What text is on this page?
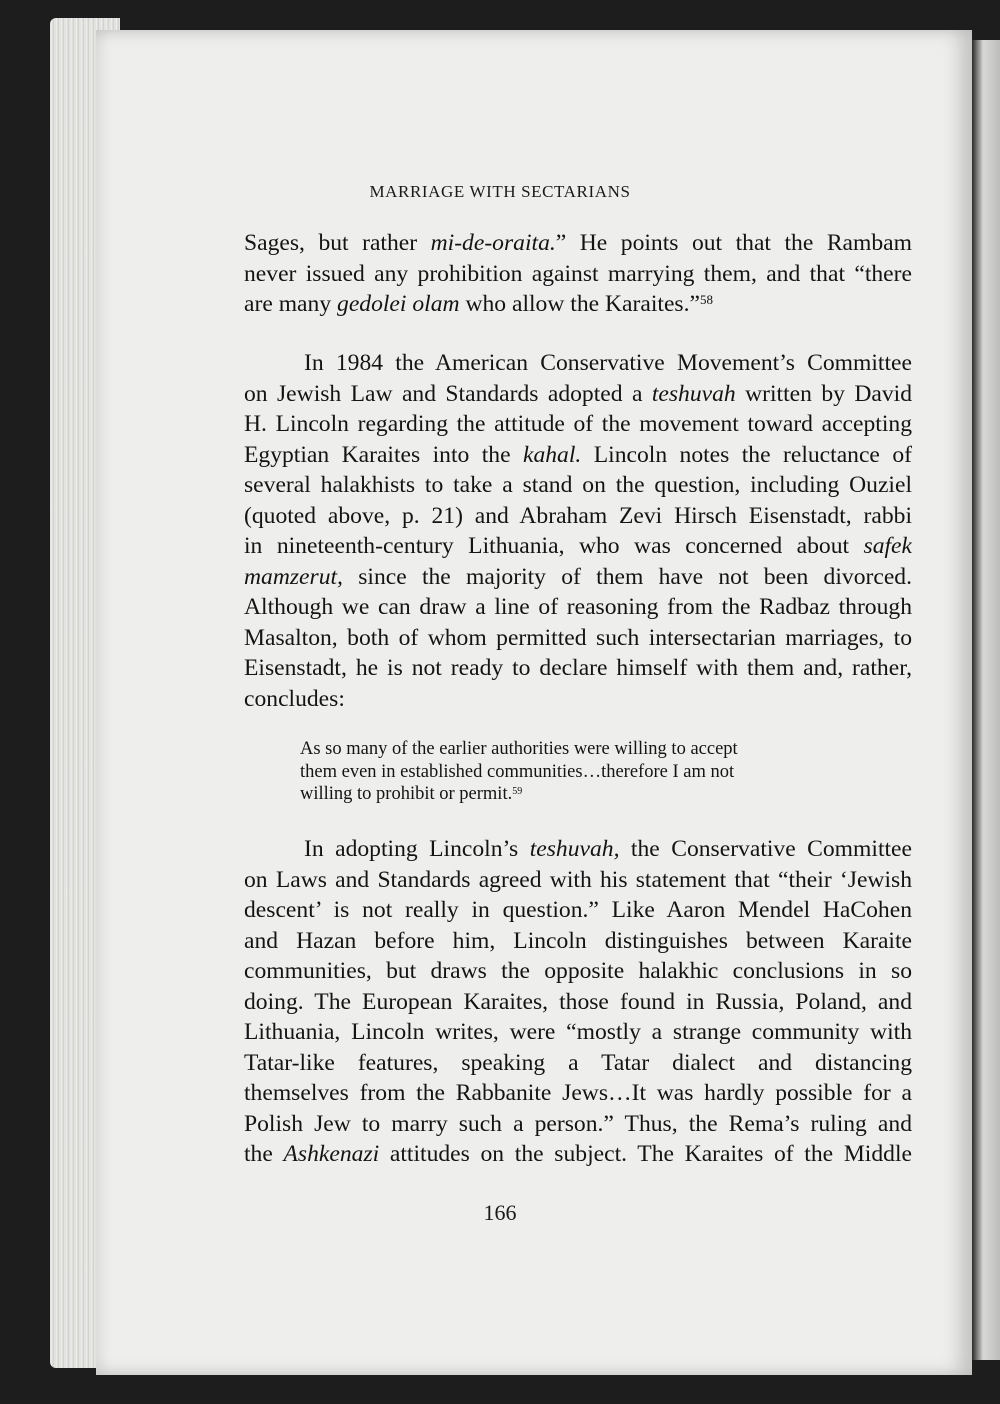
MARRIAGE WITH SECTARIANS
Sages, but rather mi-de-oraita.” He points out that the Rambam
never issued any prohibition against marrying them, and that “there
are many gedolei olam who allow the Karaites.”$^{58}$
In 1984 the American Conservative Movement’s Committee
on Jewish Law and Standards adopted a teshuvah written by David
H. Lincoln regarding the attitude of the movement toward accepting
Egyptian Karaites into the kahal. Lincoln notes the reluctance of
several halakhists to take a stand on the question, including Ouziel
(quoted above, p. 21) and Abraham Zevi Hirsch Eisenstadt, rabbi
in nineteenth-century Lithuania, who was concerned about safek
mamzerut, since the majority of them have not been divorced.
Although we can draw a line of reasoning from the Radbaz through
Masalton, both of whom permitted such intersectarian marriages, to
Eisenstadt, he is not ready to declare himself with them and, rather,
concludes:
As so many of the earlier authorities were willing to accept
them even in established communities…therefore I am not
willing to prohibit or permit.$^{59}$
In adopting Lincoln’s teshuvah, the Conservative Committee
on Laws and Standards agreed with his statement that “their ‘Jewish
descent’ is not really in question.” Like Aaron Mendel HaCohen
and Hazan before him, Lincoln distinguishes between Karaite
communities, but draws the opposite halakhic conclusions in so
doing. The European Karaites, those found in Russia, Poland, and
Lithuania, Lincoln writes, were “mostly a strange community with
Tatar-like features, speaking a Tatar dialect and distancing
themselves from the Rabbanite Jews…It was hardly possible for a
Polish Jew to marry such a person.” Thus, the Rema’s ruling and
the Ashkenazi attitudes on the subject. The Karaites of the Middle
166
